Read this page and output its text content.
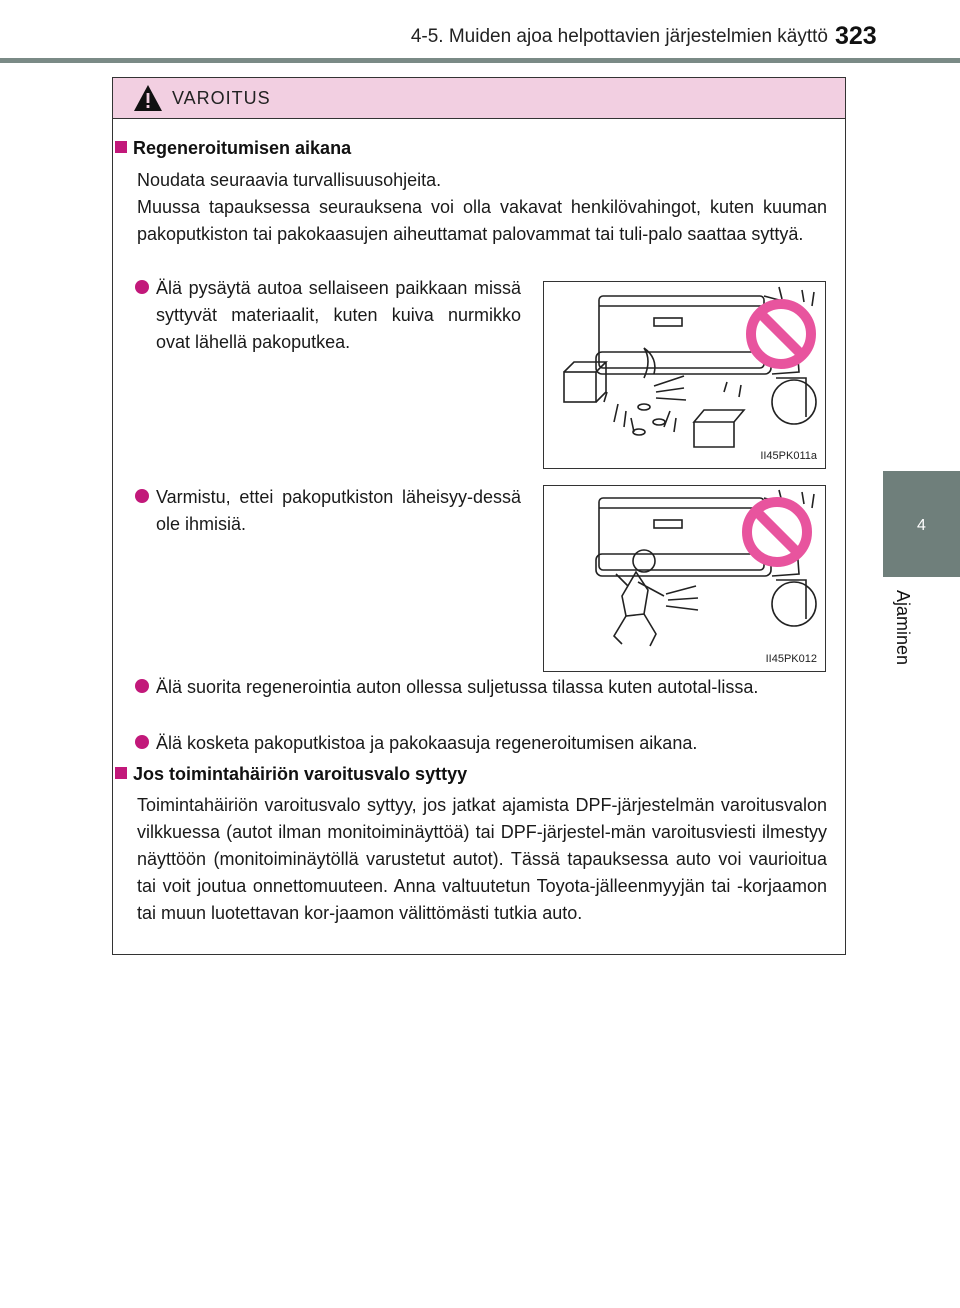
4-5. Muiden ajoa helpottavien järjestelmien käyttö 323
4
Ajaminen
VAROITUS
Regeneroitumisen aikana
Noudata seuraavia turvallisuusohjeita.
Muussa tapauksessa seurauksena voi olla vakavat henkilövahingot, kuten kuuman pakoputkiston tai pakokaasujen aiheuttamat palovammat tai tuli-palo saattaa syttyä.
Älä pysäytä autoa sellaiseen paikkaan missä syttyvät materiaalit, kuten kuiva nurmikko ovat lähellä pakoputkea.
II45PK011a
Varmistu, ettei pakoputkiston läheisyy-dessä ole ihmisiä.
II45PK012
Älä suorita regenerointia auton ollessa suljetussa tilassa kuten autotal-lissa.
Älä kosketa pakoputkistoa ja pakokaasuja regeneroitumisen aikana.
Jos toimintahäiriön varoitusvalo syttyy
Toimintahäiriön varoitusvalo syttyy, jos jatkat ajamista DPF-järjestelmän varoitusvalon vilkkuessa (autot ilman monitoiminäyttöä) tai DPF-järjestel-män varoitusviesti ilmestyy näyttöön (monitoiminäytöllä varustetut autot). Tässä tapauksessa auto voi vaurioitua tai voit joutua onnettomuuteen. Anna valtuutetun Toyota-jälleenmyyjän tai -korjaamon tai muun luotettavan kor-jaamon välittömästi tutkia auto.
